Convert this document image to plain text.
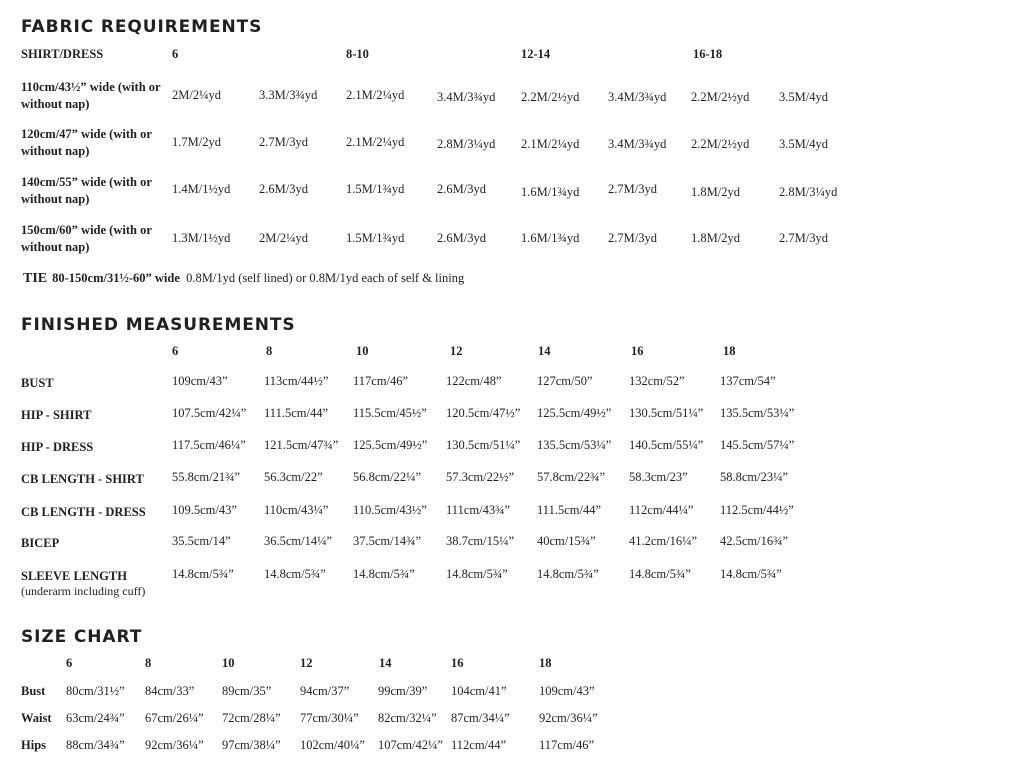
FABRIC REQUIREMENTS
SHIRT/DRESS	6	8-10	12-14	16-18
110cm/43½” wide (with or without nap)
2M/2¼yd	3.3M/3¾yd 2.1M/2¼yd	3.4M/3¾yd 2.2M/2½yd 3.4M/3¾yd 2.2M/2½yd 3.5M/4yd
120cm/47” wide (with or without nap)
1.7M/2yd	2.7M/3yd	2.1M/2¼yd	2.8M/3¼yd 2.1M/2¼yd 3.4M/3¾yd 2.2M/2½yd 3.5M/4yd
140cm/55” wide (with or without nap)
1.4M/1½yd 2.6M/3yd	1.5M/1¾yd	2.6M/3yd	1.6M/1¾yd 2.7M/3yd	1.8M/2yd	2.8M/3¼yd
150cm/60” wide (with or without nap)
1.3M/1½yd 2M/2¼yd	1.5M/1¾yd	2.6M/3yd	1.6M/1¾yd 2.7M/3yd	1.8M/2yd	2.7M/3yd
TIE 80-150cm/31½-60” wide 0.8M/1yd (self lined) or 0.8M/1yd each of self & lining
FINISHED MEASUREMENTS
6	8	10	12	14	16	18
BUST	109cm/43”	113cm/44½” 117cm/46”	122cm/48”	127cm/50”	132cm/52”	137cm/54”
HIP - SHIRT	107.5cm/42¼” 111.5cm/44” 115.5cm/45½” 120.5cm/47½” 125.5cm/49½” 130.5cm/51¼” 135.5cm/53¼”
HIP - DRESS	117.5cm/46¼” 121.5cm/47¾” 125.5cm/49½” 130.5cm/51¼” 135.5cm/53¼” 140.5cm/55¼” 145.5cm/57¼”
CB LENGTH - SHIRT 55.8cm/21¾” 56.3cm/22” 56.8cm/22¼” 57.3cm/22½” 57.8cm/22¾” 58.3cm/23”	58.8cm/23¼”
CB LENGTH - DRESS 109.5cm/43” 110cm/43¼” 110.5cm/43½” 111cm/43¾” 111.5cm/44” 112cm/44¼” 112.5cm/44½”
BICEP	35.5cm/14”	36.5cm/14¼” 37.5cm/14¾” 38.7cm/15¼” 40cm/15¾”	41.2cm/16¼” 42.5cm/16¾”
SLEEVE LENGTH
(underarm including cuff)
14.8cm/5¾” 14.8cm/5¾” 14.8cm/5¾” 14.8cm/5¾” 14.8cm/5¾” 14.8cm/5¾” 14.8cm/5¾”
SIZE CHART
6	8	10	12	14	16	18
Bust 80cm/31½” 84cm/33” 89cm/35” 94cm/37” 99cm/39” 104cm/41”	109cm/43”
Waist 63cm/24¾” 67cm/26¼” 72cm/28¼” 77cm/30¼” 82cm/32¼” 87cm/34¼” 92cm/36¼”
Hips 88cm/34¾” 92cm/36¼” 97cm/38¼” 102cm/40¼” 107cm/42¼” 112cm/44”	117cm/46”
